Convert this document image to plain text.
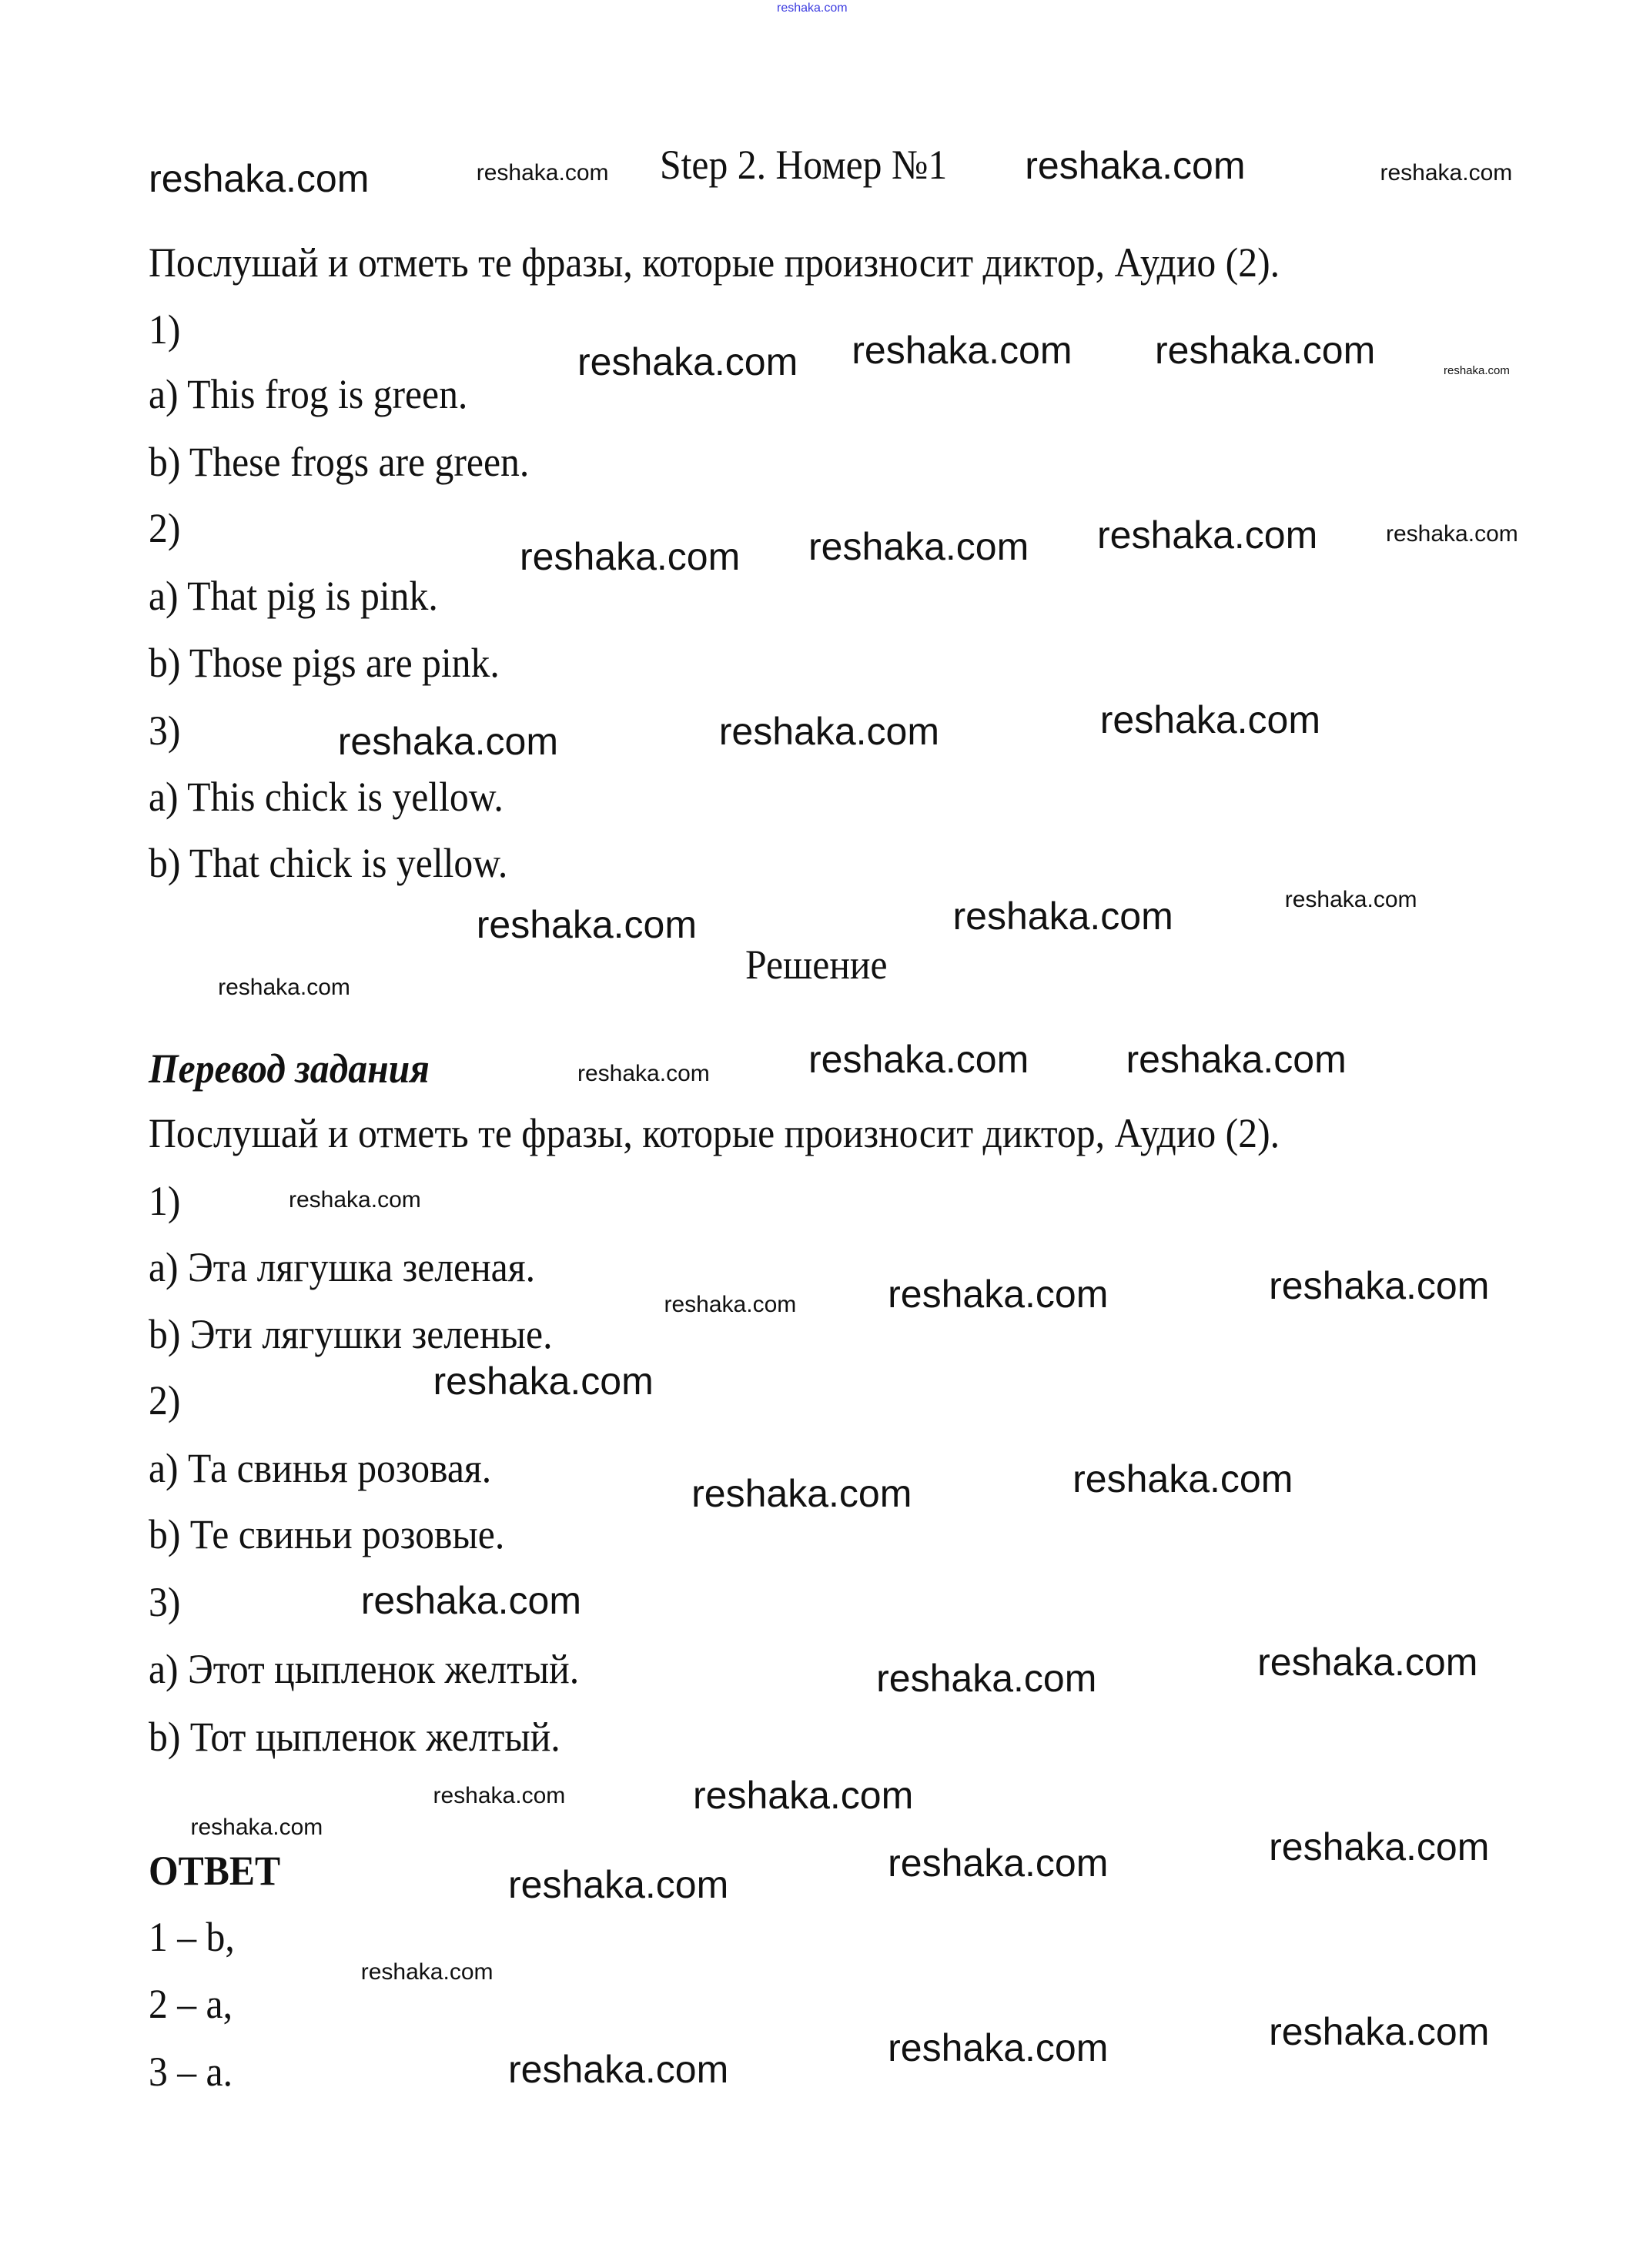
reshaka.com
Step 2. Номер №1
Послушай и отметь те фразы, которые произносит диктор, Аудио (2).
1)
a) This frog is green.
b) These frogs are green.
2)
a) That pig is pink.
b) Those pigs are pink.
3)
a) This chick is yellow.
b) That chick is yellow.
Решение
Перевод задания
Послушай и отметь те фразы, которые произносит диктор, Аудио (2).
1)
a) Эта лягушка зеленая.
b) Эти лягушки зеленые.
2)
a) Та свинья розовая.
b) Те свиньи розовые.
3)
a) Этот цыпленок желтый.
b) Тот цыпленок желтый.
ОТВЕТ
1 – b,
2 – a,
3 – a.
reshaka.com	reshaka.com	reshaka.com	reshaka.com
reshaka.com
reshaka.com reshaka.com reshaka.com
reshaka.com reshaka.com reshaka.com	reshaka.com
reshaka.com	reshaka.com	reshaka.com
reshaka.com	reshaka.com	reshaka.com
reshaka.com
reshaka.com	reshaka.com	reshaka.com
reshaka.com
reshaka.com	reshaka.com
reshaka.com
reshaka.com
reshaka.com	reshaka.com
reshaka.com
reshaka.com	reshaka.com
reshaka.com	reshaka.com
reshaka.com
reshaka.com	reshaka.com
reshaka.com
reshaka.com
reshaka.com	reshaka.com
reshaka.com
